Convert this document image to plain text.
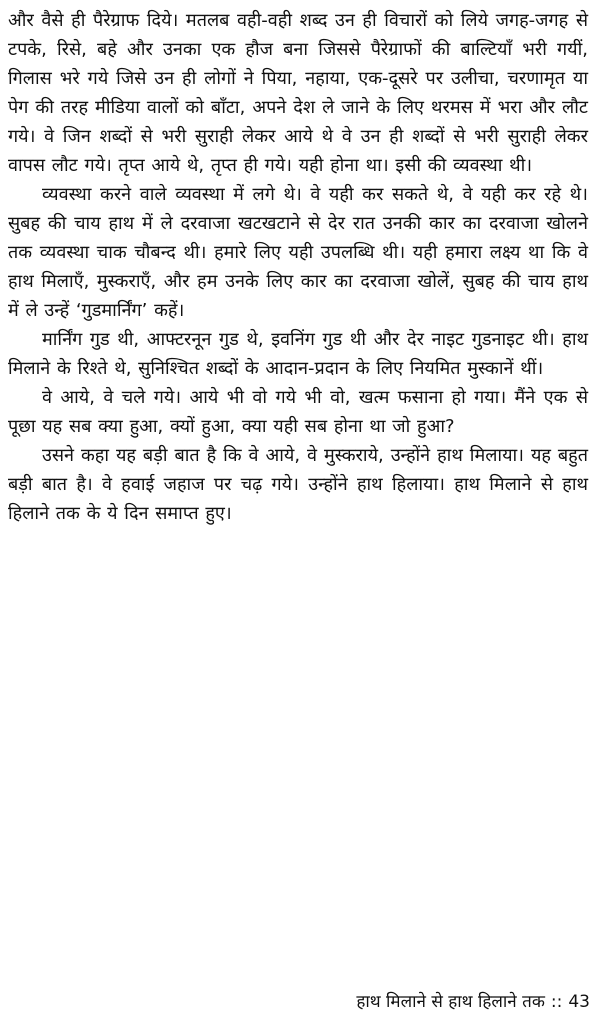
और वैसे ही पैरेग्राफ दिये। मतलब वही-वही शब्द उन ही विचारों को लिये जगह-जगह से टपके, रिसे, बहे और उनका एक हौज बना जिससे पैरेग्राफों की बाल्टियाँ भरी गयीं, गिलास भरे गये जिसे उन ही लोगों ने पिया, नहाया, एक-दूसरे पर उलीचा, चरणामृत या पेग की तरह मीडिया वालों को बाँटा, अपने देश ले जाने के लिए थरमस में भरा और लौट गये। वे जिन शब्दों से भरी सुराही लेकर आये थे वे उन ही शब्दों से भरी सुराही लेकर वापस लौट गये। तृप्त आये थे, तृप्त ही गये। यही होना था। इसी की व्यवस्था थी।

व्यवस्था करने वाले व्यवस्था में लगे थे। वे यही कर सकते थे, वे यही कर रहे थे। सुबह की चाय हाथ में ले दरवाजा खटखटाने से देर रात उनकी कार का दरवाजा खोलने तक व्यवस्था चाक चौबन्द थी। हमारे लिए यही उपलब्धि थी। यही हमारा लक्ष्य था कि वे हाथ मिलाएँ, मुस्कराएँ, और हम उनके लिए कार का दरवाजा खोलें, सुबह की चाय हाथ में ले उन्हें ‘गुडमार्निंग’ कहें।

मार्निंग गुड थी, आफ्टरनून गुड थे, इवनिंग गुड थी और देर नाइट गुडनाइट थी। हाथ मिलाने के रिश्ते थे, सुनिश्चित शब्दों के आदान-प्रदान के लिए नियमित मुस्कानें थीं।

वे आये, वे चले गये। आये भी वो गये भी वो, खत्म फसाना हो गया। मैंने एक से पूछा यह सब क्या हुआ, क्यों हुआ, क्या यही सब होना था जो हुआ?

उसने कहा यह बड़ी बात है कि वे आये, वे मुस्कराये, उन्होंने हाथ मिलाया। यह बहुत बड़ी बात है। वे हवाई जहाज पर चढ़ गये। उन्होंने हाथ हिलाया। हाथ मिलाने से हाथ हिलाने तक के ये दिन समाप्त हुए।

हाथ मिलाने से हाथ हिलाने तक :: 43
